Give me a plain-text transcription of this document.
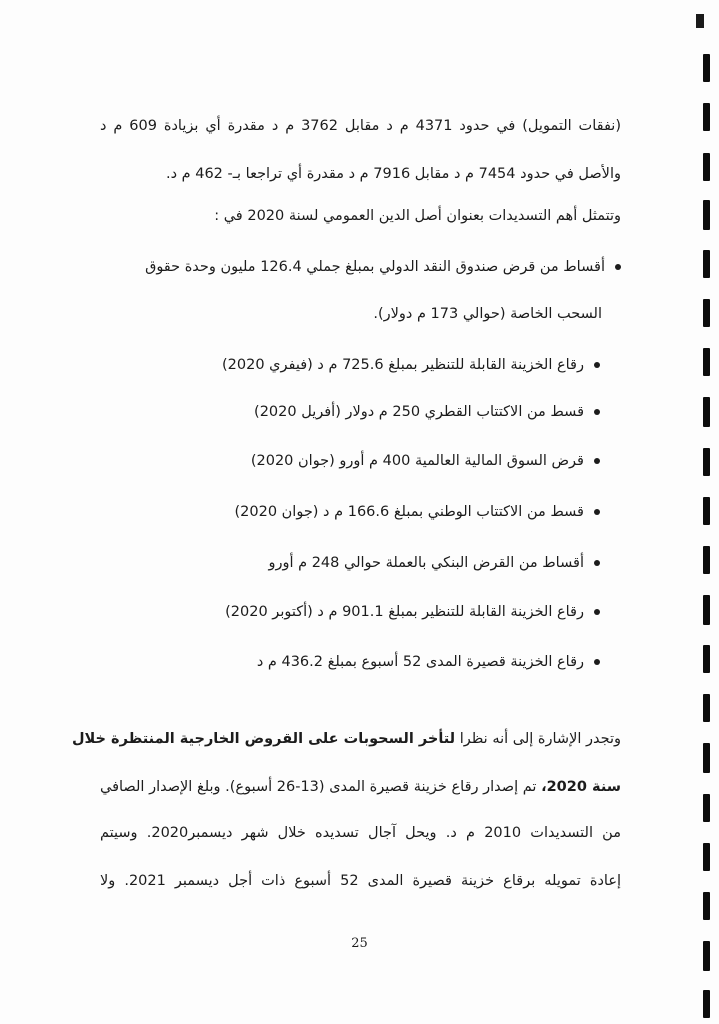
(نفقات التمويل) في حدود 4371 م د مقابل 3762 م د مقدرة أي بزيادة 609 م د
والأصل في حدود 7454 م د مقابل 7916 م د مقدرة أي تراجعا بـ- 462 م د.
وتتمثل أهم التسديدات بعنوان أصل الدين العمومي لسنة 2020 في :
أقساط من قرض صندوق النقد الدولي بمبلغ جملي 126.4 مليون وحدة حقوق
السحب الخاصة (حوالي 173 م دولار).
رقاع الخزينة القابلة للتنظير بمبلغ 725.6 م د (فيفري 2020)
قسط من الاكتتاب القطري 250 م دولار (أفريل 2020)
قرض السوق المالية العالمية 400 م أورو (جوان 2020)
قسط من الاكتتاب الوطني بمبلغ 166.6 م د (جوان 2020)
أقساط من القرض البنكي بالعملة حوالي 248 م أورو
رقاع الخزينة القابلة للتنظير بمبلغ 901.1 م د (أكتوبر 2020)
رقاع الخزينة قصيرة المدى 52 أسبوع بمبلغ 436.2 م د
وتجدر الإشارة إلى أنه نظرا لتأخر السحوبات على القروض الخارجية المنتظرة خلال
سنة 2020، تم إصدار رقاع خزينة قصيرة المدى (13-26 أسبوع). وبلغ الإصدار الصافي
من التسديدات 2010 م د. ويحل آجال تسديده خلال شهر ديسمبر2020. وسيتم
إعادة تمويله برقاع خزينة قصيرة المدى 52 أسبوع ذات أجل ديسمبر 2021. ولا
25
